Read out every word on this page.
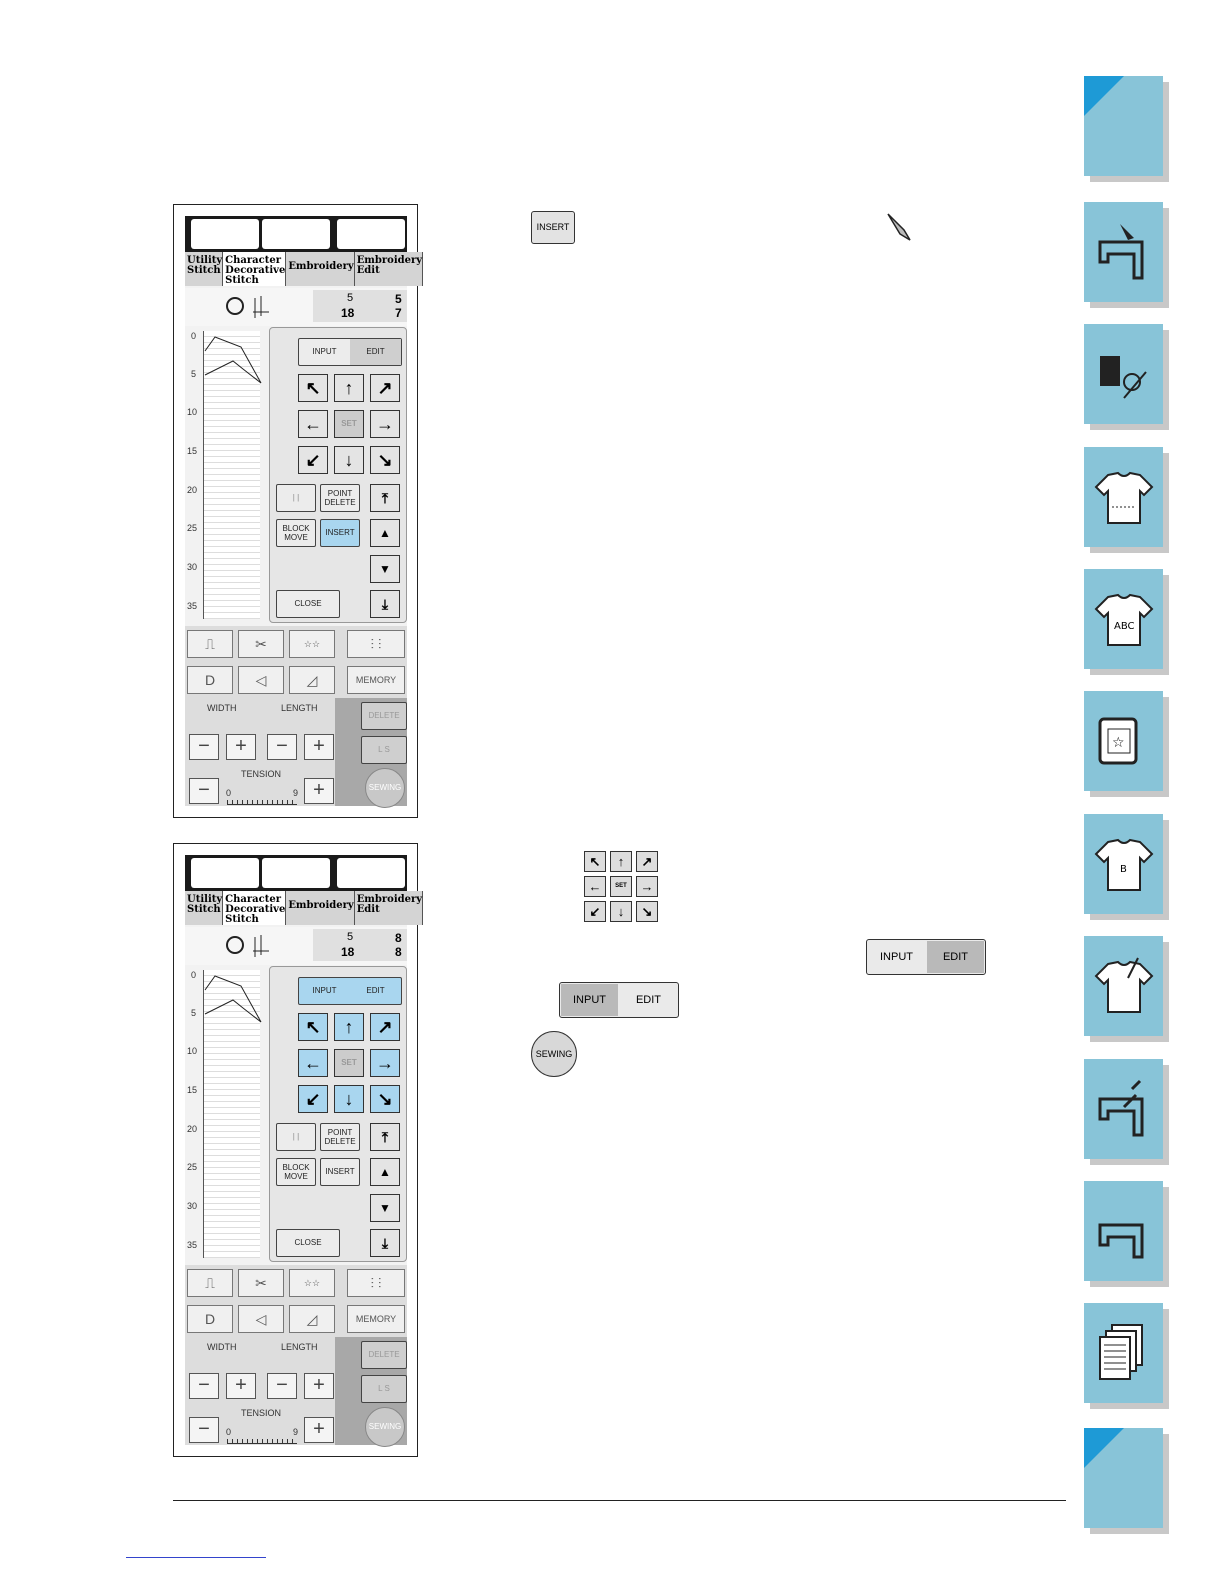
ABC
☆
B
INSERT
↖	↑	↗
←	SET	→
↙	↓	↘
INPUT	EDIT
INPUT	EDIT
SEWING
Utility
Stitch
Character
Decorative
Stitch
Embroidery
Embroidery
Edit
5
18
5
7
0
5
10
15
20
25
30
35
INPUT	EDIT
↖	↑	↗
←	SET	→
↙	↓	↘
| |	POINT
DELETE	⤒
BLOCK
MOVE
INSERT	▲
▼
CLOSE	⤓
⎍	✂	☆☆	⫶ ⫶
D	◁	◿	MEMORY
WIDTH	LENGTH
−	+	−	+
DELETE
L S
TENSION
−	0	9 +	SEWING
Utility
Stitch
Character
Decorative
Stitch
Embroidery
Embroidery
Edit
5
18
8
8
0
5
10
15
20
25
30
35
INPUT	EDIT
↖	↑	↗
←	SET	→
↙	↓	↘
| |	POINT
DELETE	⤒
BLOCK
MOVE
INSERT	▲
▼
CLOSE	⤓
⎍	✂	☆☆	⫶ ⫶
D	◁	◿	MEMORY
WIDTH	LENGTH
−	+	−	+
DELETE
L S
TENSION
−	0	9 +	SEWING
